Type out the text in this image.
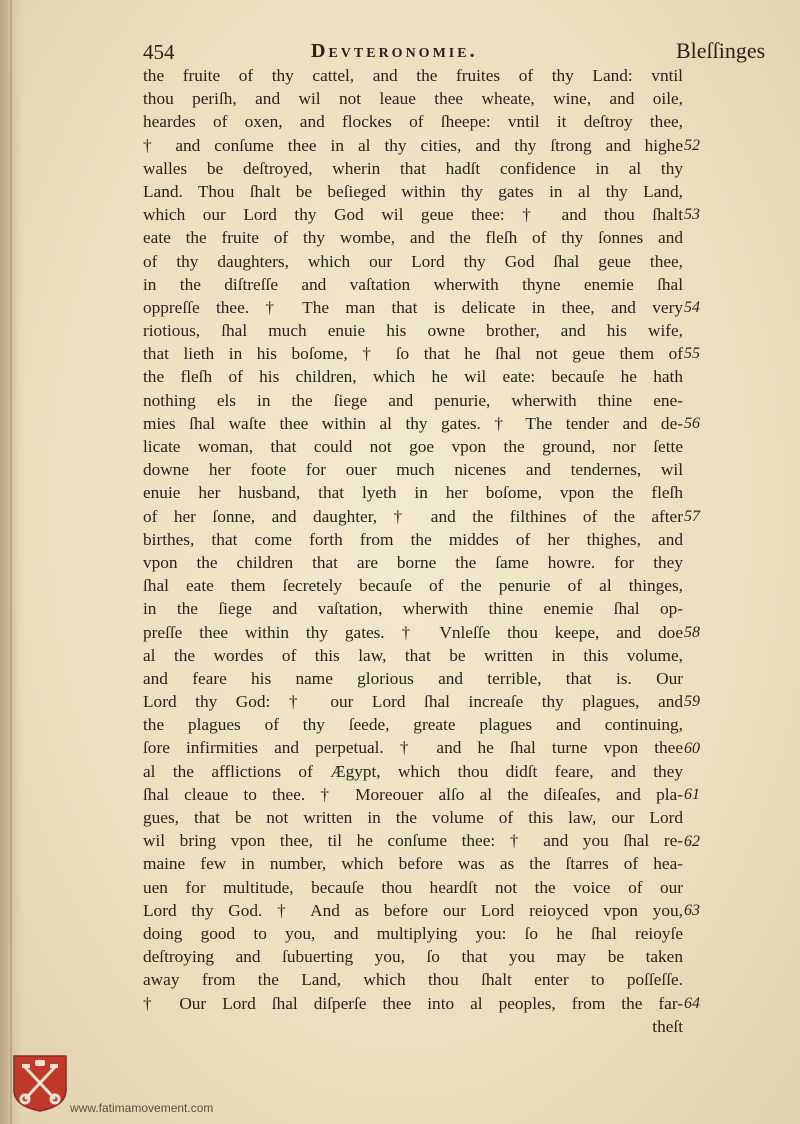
454	Devteronomie.	Bleſſinges
the fruite of thy cattel, and the fruites of thy Land: vntil
thou periſh, and wil not leaue thee wheate, wine, and oile,
heardes of oxen, and flockes of ſheepe: vntil it deſtroy thee,
† and conſume thee in al thy cities, and thy ſtrong and highe
walles be deſtroyed, wherin that hadſt confidence in al thy
Land. Thou ſhalt be beſieged within thy gates in al thy Land,
which our Lord thy God wil geue thee: † and thou ſhalt
eate the fruite of thy wombe, and the fleſh of thy ſonnes and
of thy daughters, which our Lord thy God ſhal geue thee,
in the diſtreſſe and vaſtation wherwith thyne enemie ſhal
oppreſſe thee. † The man that is delicate in thee, and very
riotious, ſhal much enuie his owne brother, and his wife,
that lieth in his boſome, † ſo that he ſhal not geue them of
the fleſh of his children, which he wil eate: becauſe he hath
nothing els in the ſiege and penurie, wherwith thine ene-
mies ſhal waſte thee within al thy gates. † The tender and de-
licate woman, that could not goe vpon the ground, nor ſette
downe her foote for ouer much nicenes and tendernes, wil
enuie her husband, that lyeth in her boſome, vpon the fleſh
of her ſonne, and daughter, † and the filthines of the after
birthes, that come forth from the middes of her thighes, and
vpon the children that are borne the ſame howre. for they
ſhal eate them ſecretely becauſe of the penurie of al thinges,
in the ſiege and vaſtation, wherwith thine enemie ſhal op-
preſſe thee within thy gates. † Vnleſſe thou keepe, and doe
al the wordes of this law, that be written in this volume,
and feare his name glorious and terrible, that is. Our
Lord thy God: † our Lord ſhal increaſe thy plagues, and
the plagues of thy ſeede, greate plagues and continuing,
ſore infirmities and perpetual. † and he ſhal turne vpon thee
al the afflictions of Ægypt, which thou didſt feare, and they
ſhal cleaue to thee. † Moreouer alſo al the diſeaſes, and pla-
gues, that be not written in the volume of this law, our Lord
wil bring vpon thee, til he conſume thee: † and you ſhal re-
maine few in number, which before was as the ſtarres of hea-
uen for multitude, becauſe thou heardſt not the voice of our
Lord thy God. † And as before our Lord reioyced vpon you,
doing good to you, and multiplying you: ſo he ſhal reioyſe
deſtroying and ſubuerting you, ſo that you may be taken
away from the Land, which thou ſhalt enter to poſſeſſe.
† Our Lord ſhal diſperſe thee into al peoples, from the far-
theſt
52
53
54
55
56
57
58
59
60
61
62
63
64
www.fatimamovement.com
